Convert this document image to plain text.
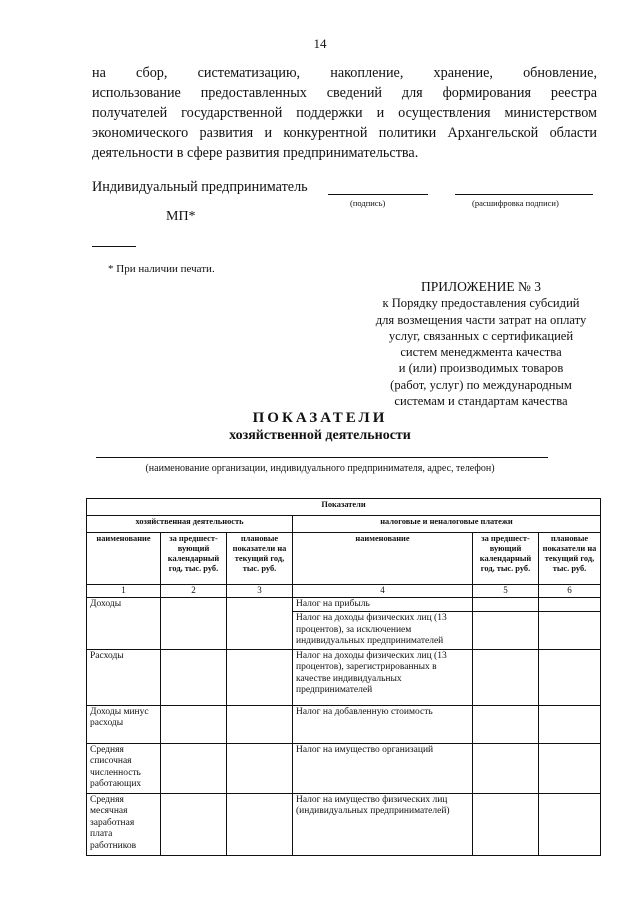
14
на сбор, систематизацию, накопление, хранение, обновление,
использование предоставленных сведений для формирования реестра
получателей государственной поддержки и осуществления министерством
экономического развития и конкурентной политики Архангельской области
деятельности в сфере развития предпринимательства.
Индивидуальный предприниматель
(подпись)	(расшифровка подписи)
МП*
* При наличии печати.
ПРИЛОЖЕНИЕ № 3
к Порядку предоставления субсидий
для возмещения части затрат на оплату
услуг, связанных с сертификацией
систем менеджмента качества
и (или) производимых товаров
(работ, услуг) по международным
системам и стандартам качества
ПОКАЗАТЕЛИ
хозяйственной деятельности
(наименование организации, индивидуального предпринимателя, адрес, телефон)
Показатели					
хозяйственная деятельность			налоговые и неналоговые платежи		
наименование	за предшест-вующий календарный год, тыс. руб.	плановые показатели на текущий год, тыс. руб.	наименование	за предшест-вующий календарный год, тыс. руб.	плановые показатели на текущий год, тыс. руб.
1	2	3	4	5	6
Доходы			Налог на прибыль		
			Налог на доходы физических лиц (13 процентов), за исключением индивидуальных предпринимателей		
Расходы			Налог на доходы физических лиц (13 процентов), зарегистрированных в качестве индивидуальных предпринимателей		
Доходы минус расходы			Налог на добавленную стоимость		
Средняя списочная численность работающих			Налог на имущество организаций		
Средняя месячная заработная плата работников			Налог на имущество физических лиц (индивидуальных предпринимателей)		
